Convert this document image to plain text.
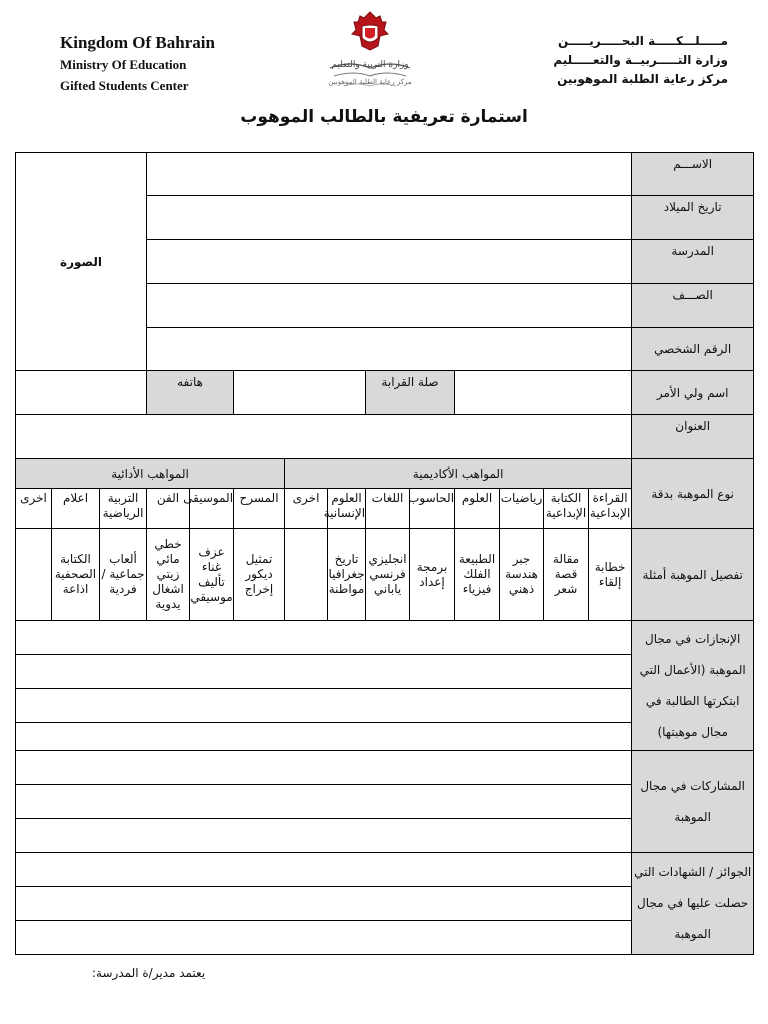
Kingdom Of Bahrain
Ministry Of Education
Gifted Students Center
وزارة التربية والتعليم
مركز رعاية الطلبة الموهوبين
مـــــلـــكـــــة البحـــــريـــــن
وزارة التـــــربيــة والتعـــــليم
مركز رعاية الطلبة الموهوبين
استمارة تعريفية بالطالب الموهوب
الصورة														الاســـم
														تاريخ الميلاد
														المدرسة
														الصـــف
														الرقم الشخصي
			هاتفه					صلة القرابة						اسم ولي الأمر
														العنوان
المواهب الأدائية						المواهب الأكاديمية								نوع الموهبة بدقة
اخرى	اعلام	التربية الرياضية	الفن	الموسيقى	المسرح	اخرى	العلوم الإنسانية	اللغات	الحاسوب	العلوم	رياضيات	الكتابة الإبداعية	القراءة الإبداعية	
	الكتابة الصحفية اذاعة	ألعاب جماعية / فردية	خطي مائي زيتي اشغال يدوية	عزف غناء تأليف موسيقي	تمثيل ديكور إخراج		تاريخ جغرافيا مواطنة	انجليزي فرنسي ياباني	برمجة إعداد	الطبيعة الفلك فيزياء	جبر هندسة ذهني	مقالة قصة شعر	خطابة إلقاء	تفصيل الموهبة أمثلة
														الإنجازات في مجال الموهبة (الأعمال التي ابتكرتها الطالبة في مجال موهبتها)

														المشاركات في مجال الموهبة

														الجوائز / الشهادات التي حصلت عليها في مجال الموهبة

يعتمد مدير/ة المدرسة:
